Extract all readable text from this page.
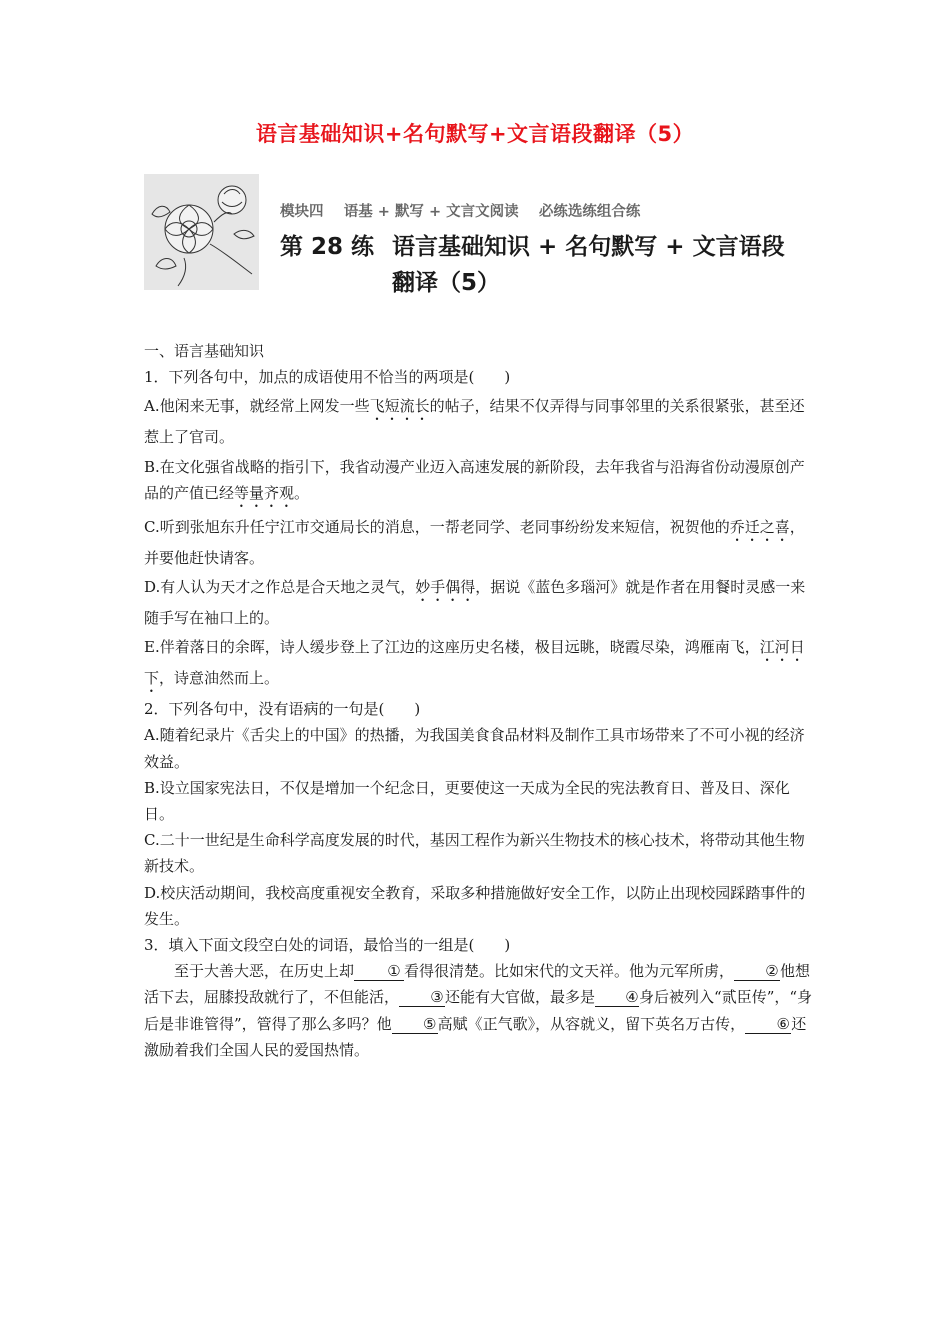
语言基础知识+名句默写+文言语段翻译（5）
模块四    语基 + 默写 + 文言文阅读    必练选练组合练
第 28 练 语言基础知识 + 名句默写 + 文言语段
翻译（5）

一、语言基础知识

1．下列各句中，加点的成语使用不恰当的两项是(　　)

A.他闲来无事，就经常上网发一些飞短流长的帖子，结果不仅弄得与同事邻里的关系很紧张，甚至还惹上了官司。

B.在文化强省战略的指引下，我省动漫产业迈入高速发展的新阶段，去年我省与沿海省份动漫原创产品的产值已经等量齐观。

C.听到张旭东升任宁江市交通局长的消息，一帮老同学、老同事纷纷发来短信，祝贺他的乔迁之喜，并要他赶快请客。

D.有人认为天才之作总是合天地之灵气，妙手偶得，据说《蓝色多瑙河》就是作者在用餐时灵感一来随手写在袖口上的。

E.伴着落日的余晖，诗人缓步登上了江边的这座历史名楼，极目远眺，晓霞尽染，鸿雁南飞，江河日下，诗意油然而上。

2．下列各句中，没有语病的一句是(　　)

A.随着纪录片《舌尖上的中国》的热播，为我国美食食品材料及制作工具市场带来了不可小视的经济效益。

B.设立国家宪法日，不仅是增加一个纪念日，更要使这一天成为全民的宪法教育日、普及日、深化日。

C.二十一世纪是生命科学高度发展的时代，基因工程作为新兴生物技术的核心技术，将带动其他生物新技术。

D.校庆活动期间，我校高度重视安全教育，采取多种措施做好安全工作，以防止出现校园踩踏事件的发生。

3．填入下面文段空白处的词语，最恰当的一组是(　　)

至于大善大恶，在历史上却 ① 看得很清楚。比如宋代的文天祥。他为元军所虏， ②他想活下去，屈膝投敌就行了，不但能活， ③还能有大官做，最多是 ④身后被列入“贰臣传”，“身后是非谁管得”，管得了那么多吗？他 ⑤高赋《正气歌》，从容就义，留下英名万古传， ⑥还激励着我们全国人民的爱国热情。
